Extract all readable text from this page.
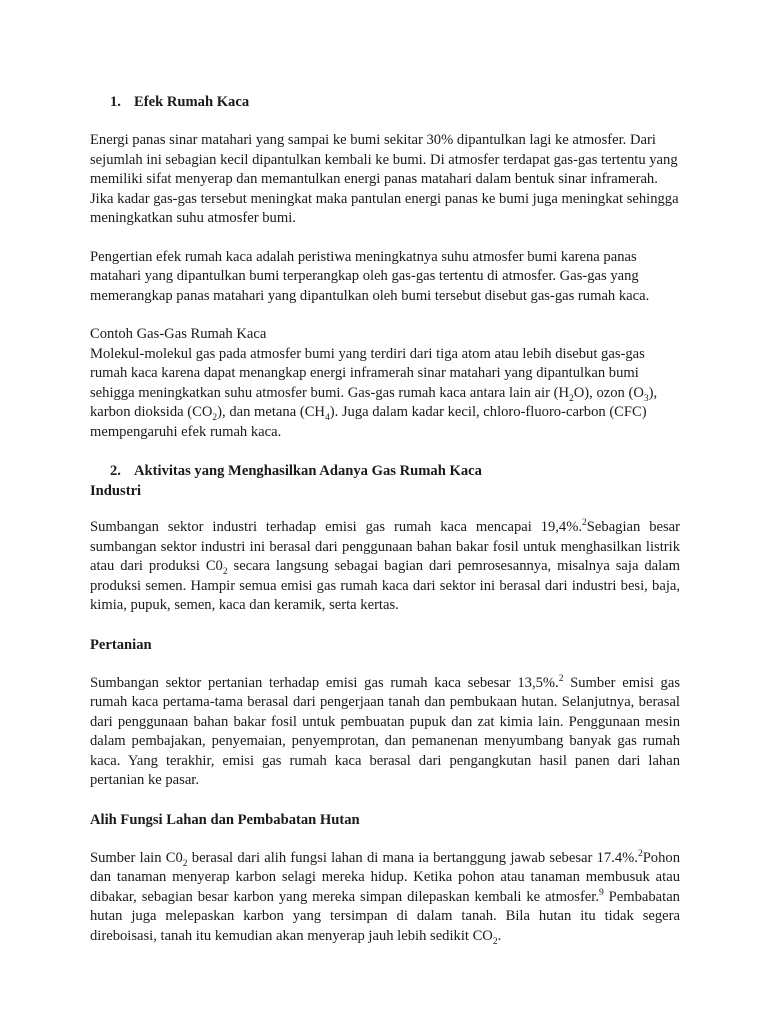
1. Efek Rumah Kaca

Energi panas sinar matahari yang sampai ke bumi sekitar 30% dipantulkan lagi ke atmosfer. Dari sejumlah ini sebagian kecil dipantulkan kembali ke bumi. Di atmosfer terdapat gas-gas tertentu yang memiliki sifat menyerap dan memantulkan energi panas matahari dalam bentuk sinar inframerah. Jika kadar gas-gas tersebut meningkat maka pantulan energi panas ke bumi juga meningkat sehingga meningkatkan suhu atmosfer bumi.

Pengertian efek rumah kaca adalah peristiwa meningkatnya suhu atmosfer bumi karena panas matahari yang dipantulkan bumi terperangkap oleh gas-gas tertentu di atmosfer. Gas-gas yang memerangkap panas matahari yang dipantulkan oleh bumi tersebut disebut gas-gas rumah kaca.

Contoh Gas-Gas Rumah Kaca

Molekul-molekul gas pada atmosfer bumi yang terdiri dari tiga atom atau lebih disebut gas-gas rumah kaca karena dapat menangkap energi inframerah sinar matahari yang dipantulkan bumi sehigga meningkatkan suhu atmosfer bumi. Gas-gas rumah kaca antara lain air $(H_2O)$, ozon $(O_3)$, karbon dioksida $(CO_2)$, dan metana $(CH_4)$. Juga dalam kadar kecil, chloro-fluoro-carbon (CFC) mempengaruhi efek rumah kaca.

2. Aktivitas yang Menghasilkan Adanya Gas Rumah Kaca
Industri

Sumbangan sektor industri terhadap emisi gas rumah kaca mencapai 19,4%.$^2$Sebagian besar sumbangan sektor industri ini berasal dari penggunaan bahan bakar fosil untuk menghasilkan listrik atau dari produksi $C0_2$ secara langsung sebagai bagian dari pemrosesannya, misalnya saja dalam produksi semen. Hampir semua emisi gas rumah kaca dari sektor ini berasal dari industri besi, baja, kimia, pupuk, semen, kaca dan keramik, serta kertas.

Pertanian

Sumbangan sektor pertanian terhadap emisi gas rumah kaca sebesar 13,5%.$^2$ Sumber emisi gas rumah kaca pertama-tama berasal dari pengerjaan tanah dan pembukaan hutan. Selanjutnya, berasal dari penggunaan bahan bakar fosil untuk pembuatan pupuk dan zat kimia lain. Penggunaan mesin dalam pembajakan, penyemaian, penyemprotan, dan pemanenan menyumbang banyak gas rumah kaca. Yang terakhir, emisi gas rumah kaca berasal dari pengangkutan hasil panen dari lahan pertanian ke pasar.

Alih Fungsi Lahan dan Pembabatan Hutan

Sumber lain $C0_2$ berasal dari alih fungsi lahan di mana ia bertanggung jawab sebesar 17.4%.$^2$Pohon dan tanaman menyerap karbon selagi mereka hidup. Ketika pohon atau tanaman membusuk atau dibakar, sebagian besar karbon yang mereka simpan dilepaskan kembali ke atmosfer.$^9$ Pembabatan hutan juga melepaskan karbon yang tersimpan di dalam tanah. Bila hutan itu tidak segera direboisasi, tanah itu kemudian akan menyerap jauh lebih sedikit $CO_2$.
